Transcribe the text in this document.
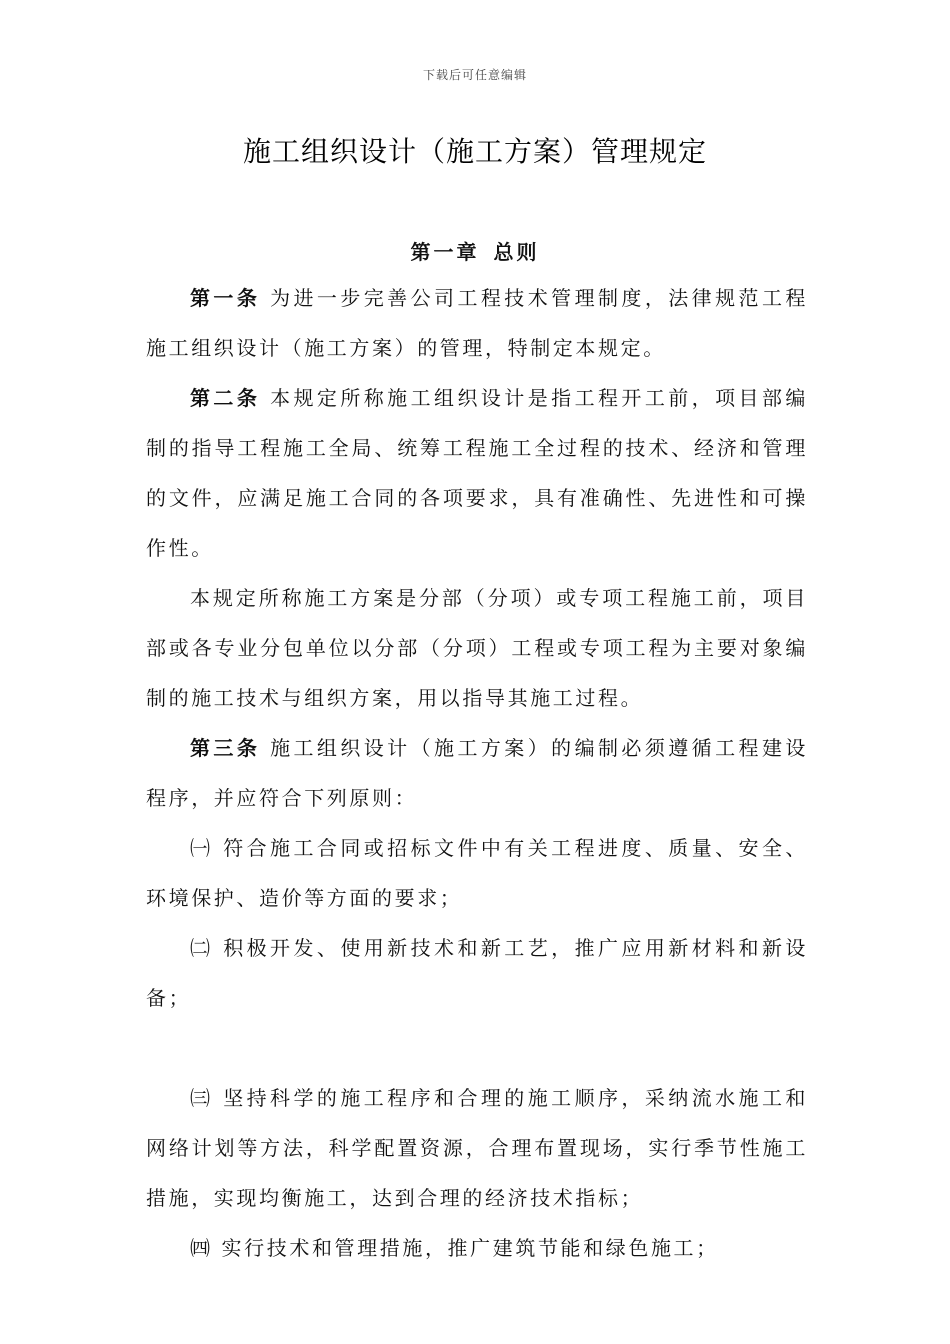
下载后可任意编辑
施工组织设计（施工方案）管理规定
第一章 总则

第一条 为进一步完善公司工程技术管理制度，法律规范工程施工组织设计（施工方案）的管理，特制定本规定。

第二条 本规定所称施工组织设计是指工程开工前，项目部编制的指导工程施工全局、统筹工程施工全过程的技术、经济和管理的文件，应满足施工合同的各项要求，具有准确性、先进性和可操作性。

本规定所称施工方案是分部（分项）或专项工程施工前，项目部或各专业分包单位以分部（分项）工程或专项工程为主要对象编制的施工技术与组织方案，用以指导其施工过程。

第三条 施工组织设计（施工方案）的编制必须遵循工程建设程序，并应符合下列原则：

㈠ 符合施工合同或招标文件中有关工程进度、质量、安全、环境保护、造价等方面的要求；

㈡ 积极开发、使用新技术和新工艺，推广应用新材料和新设备；

㈢ 坚持科学的施工程序和合理的施工顺序，采纳流水施工和网络计划等方法，科学配置资源，合理布置现场，实行季节性施工措施，实现均衡施工，达到合理的经济技术指标；

㈣ 实行技术和管理措施，推广建筑节能和绿色施工；
